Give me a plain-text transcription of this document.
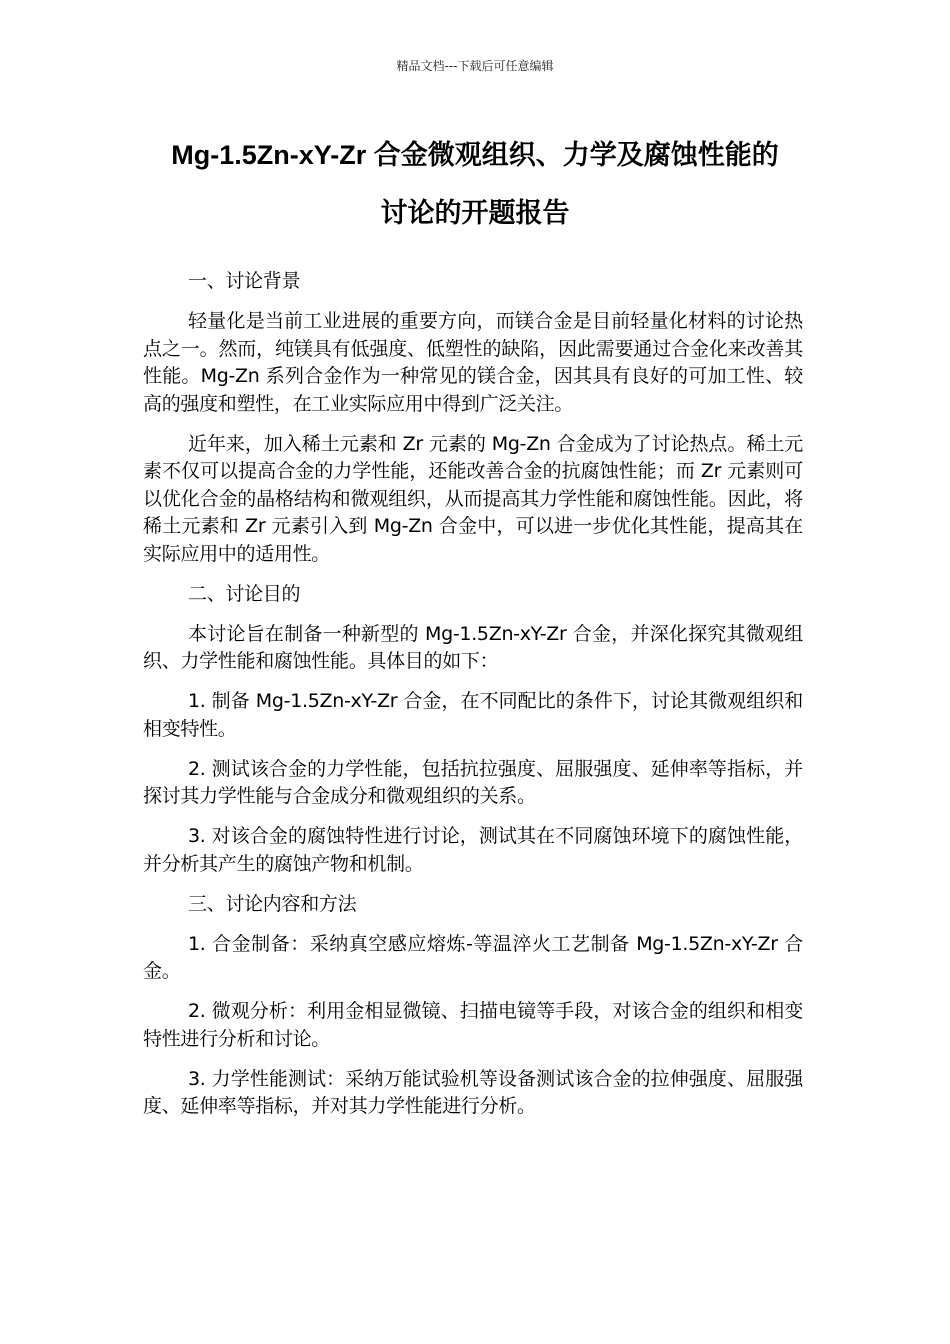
精品文档---下载后可任意编辑
Mg-1.5Zn-xY-Zr 合金微观组织、力学及腐蚀性能的
讨论的开题报告

一、讨论背景

轻量化是当前工业进展的重要方向，而镁合金是目前轻量化材料的讨论热点之一。然而，纯镁具有低强度、低塑性的缺陷，因此需要通过合金化来改善其性能。Mg-Zn 系列合金作为一种常见的镁合金，因其具有良好的可加工性、较高的强度和塑性，在工业实际应用中得到广泛关注。

近年来，加入稀土元素和 Zr 元素的 Mg-Zn 合金成为了讨论热点。稀土元素不仅可以提高合金的力学性能，还能改善合金的抗腐蚀性能；而 Zr 元素则可以优化合金的晶格结构和微观组织，从而提高其力学性能和腐蚀性能。因此，将稀土元素和 Zr 元素引入到 Mg-Zn 合金中，可以进一步优化其性能，提高其在实际应用中的适用性。

二、讨论目的

本讨论旨在制备一种新型的 Mg-1.5Zn-xY-Zr 合金，并深化探究其微观组织、力学性能和腐蚀性能。具体目的如下：

1. 制备 Mg-1.5Zn-xY-Zr 合金，在不同配比的条件下，讨论其微观组织和相变特性。

2. 测试该合金的力学性能，包括抗拉强度、屈服强度、延伸率等指标，并探讨其力学性能与合金成分和微观组织的关系。

3. 对该合金的腐蚀特性进行讨论，测试其在不同腐蚀环境下的腐蚀性能，并分析其产生的腐蚀产物和机制。

三、讨论内容和方法

1. 合金制备：采纳真空感应熔炼-等温淬火工艺制备 Mg-1.5Zn-xY-Zr 合金。

2. 微观分析：利用金相显微镜、扫描电镜等手段，对该合金的组织和相变特性进行分析和讨论。

3. 力学性能测试：采纳万能试验机等设备测试该合金的拉伸强度、屈服强度、延伸率等指标，并对其力学性能进行分析。
